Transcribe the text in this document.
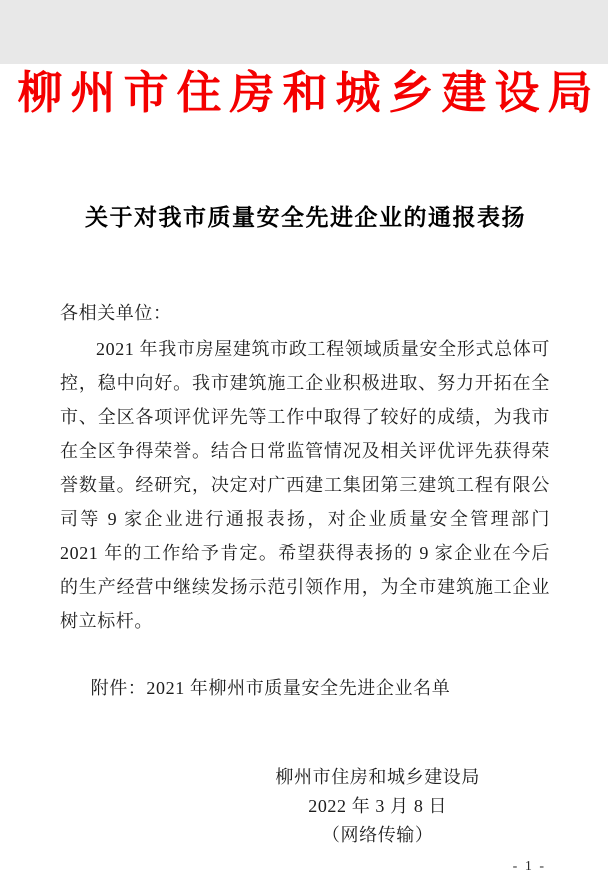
柳州市住房和城乡建设局
关于对我市质量安全先进企业的通报表扬
各相关单位：
2021 年我市房屋建筑市政工程领域质量安全形式总体可控，稳中向好。我市建筑施工企业积极进取、努力开拓在全市、全区各项评优评先等工作中取得了较好的成绩，为我市在全区争得荣誉。结合日常监管情况及相关评优评先获得荣誉数量。经研究，决定对广西建工集团第三建筑工程有限公司等 9 家企业进行通报表扬，对企业质量安全管理部门 2021 年的工作给予肯定。希望获得表扬的 9 家企业在今后的生产经营中继续发扬示范引领作用，为全市建筑施工企业树立标杆。
附件：2021 年柳州市质量安全先进企业名单
柳州市住房和城乡建设局
2022 年 3 月 8 日
（网络传输）
- 1 -
